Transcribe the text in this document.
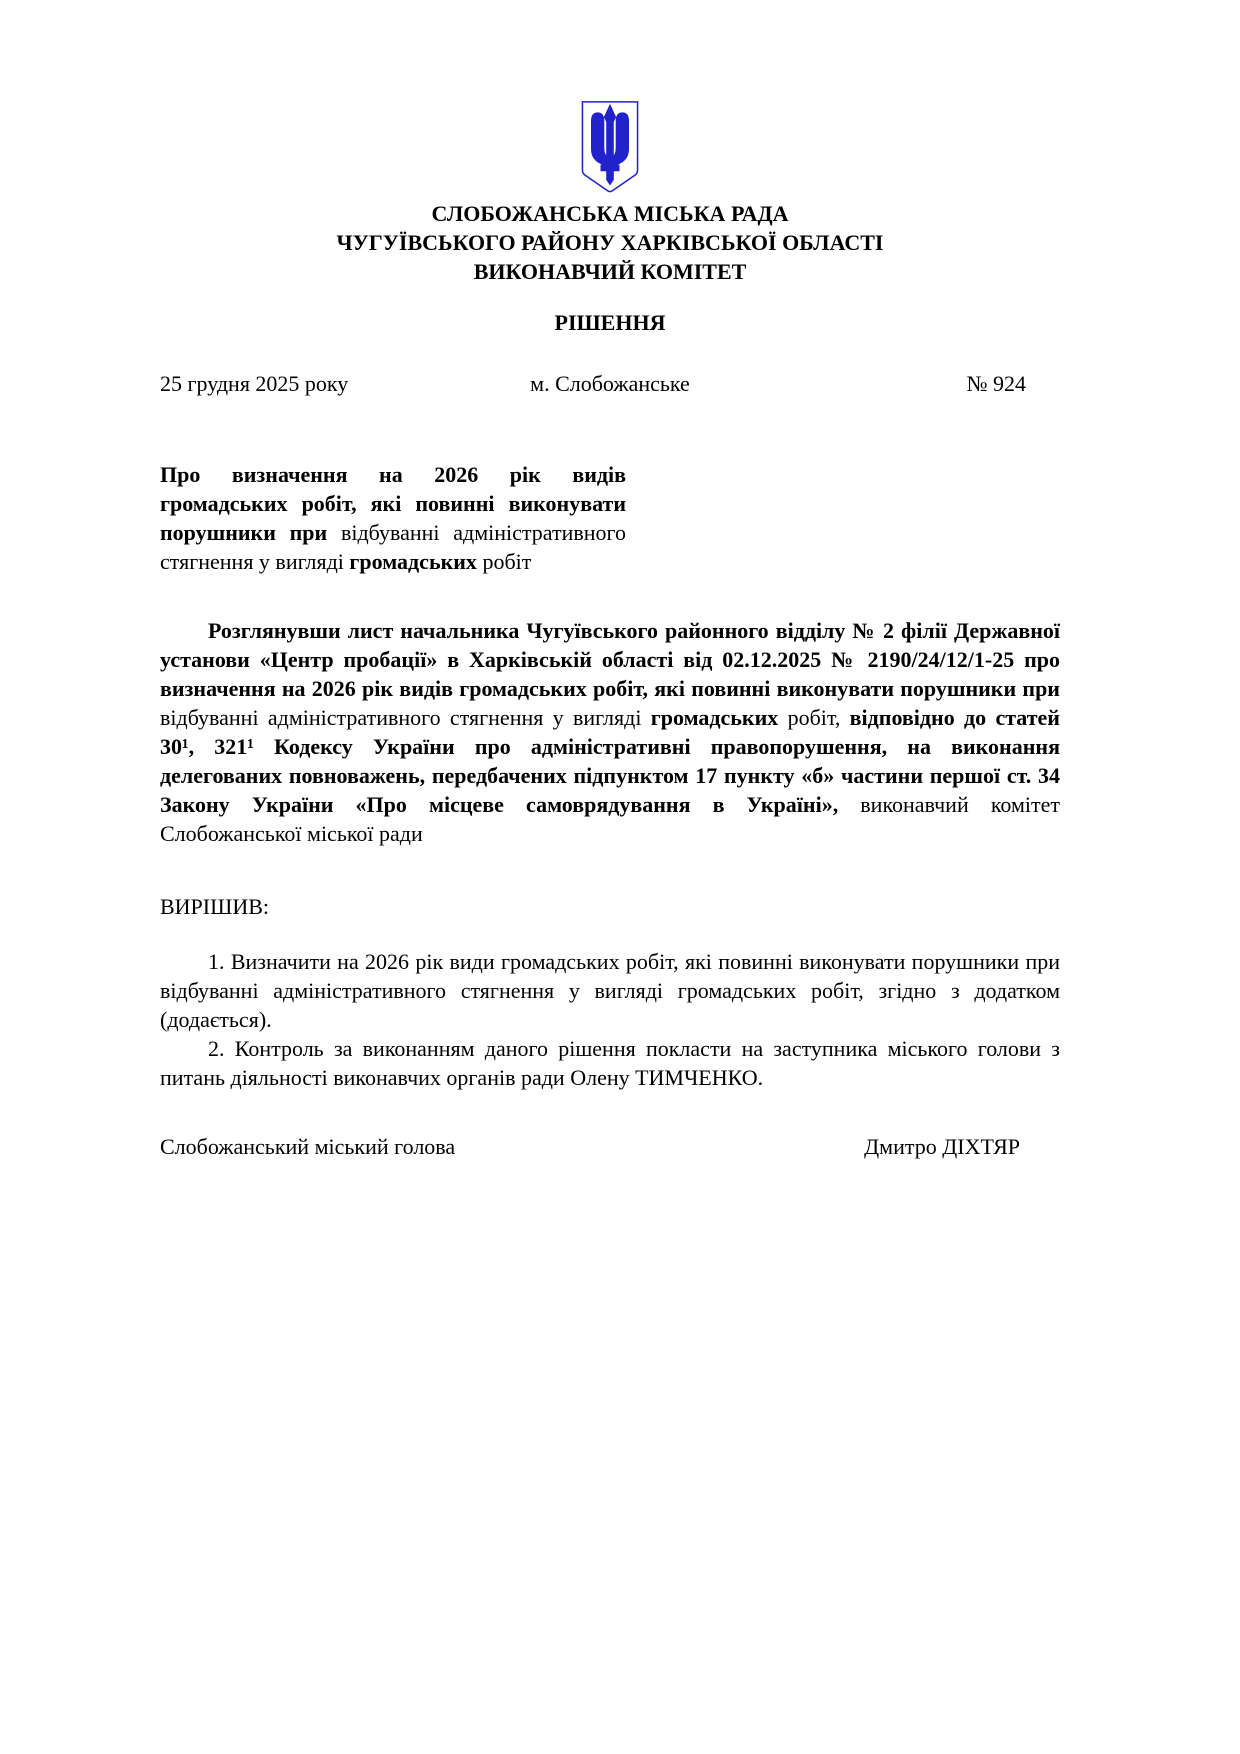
СЛОБОЖАНСЬКА МІСЬКА РАДА
ЧУГУЇВСЬКОГО РАЙОНУ ХАРКІВСЬКОЇ ОБЛАСТІ
ВИКОНАВЧИЙ КОМІТЕТ
РІШЕННЯ
25 грудня 2025 року	м. Слобожанське	№ 924
Про визначення на 2026 рік видів громадських робіт, які повинні виконувати порушники при відбуванні адміністративного стягнення у вигляді громадських робіт
Розглянувши лист начальника Чугуївського районного відділу № 2 філії Державної установи «Центр пробації» в Харківській області від 02.12.2025 № 2190/24/12/1-25 про визначення на 2026 рік видів громадських робіт, які повинні виконувати порушники при відбуванні адміністративного стягнення у вигляді громадських робіт, відповідно до статей 30¹, 321¹ Кодексу України про адміністративні правопорушення, на виконання делегованих повноважень, передбачених підпунктом 17 пункту «б» частини першої ст. 34 Закону України «Про місцеве самоврядування в Україні», виконавчий комітет Слобожанської міської ради
ВИРІШИВ:

1. Визначити на 2026 рік види громадських робіт, які повинні виконувати порушники при відбуванні адміністративного стягнення у вигляді громадських робіт, згідно з додатком (додається).

2. Контроль за виконанням даного рішення покласти на заступника міського голови з питань діяльності виконавчих органів ради Олену ТИМЧЕНКО.

Слобожанський міський голова	Дмитро ДІХТЯР
